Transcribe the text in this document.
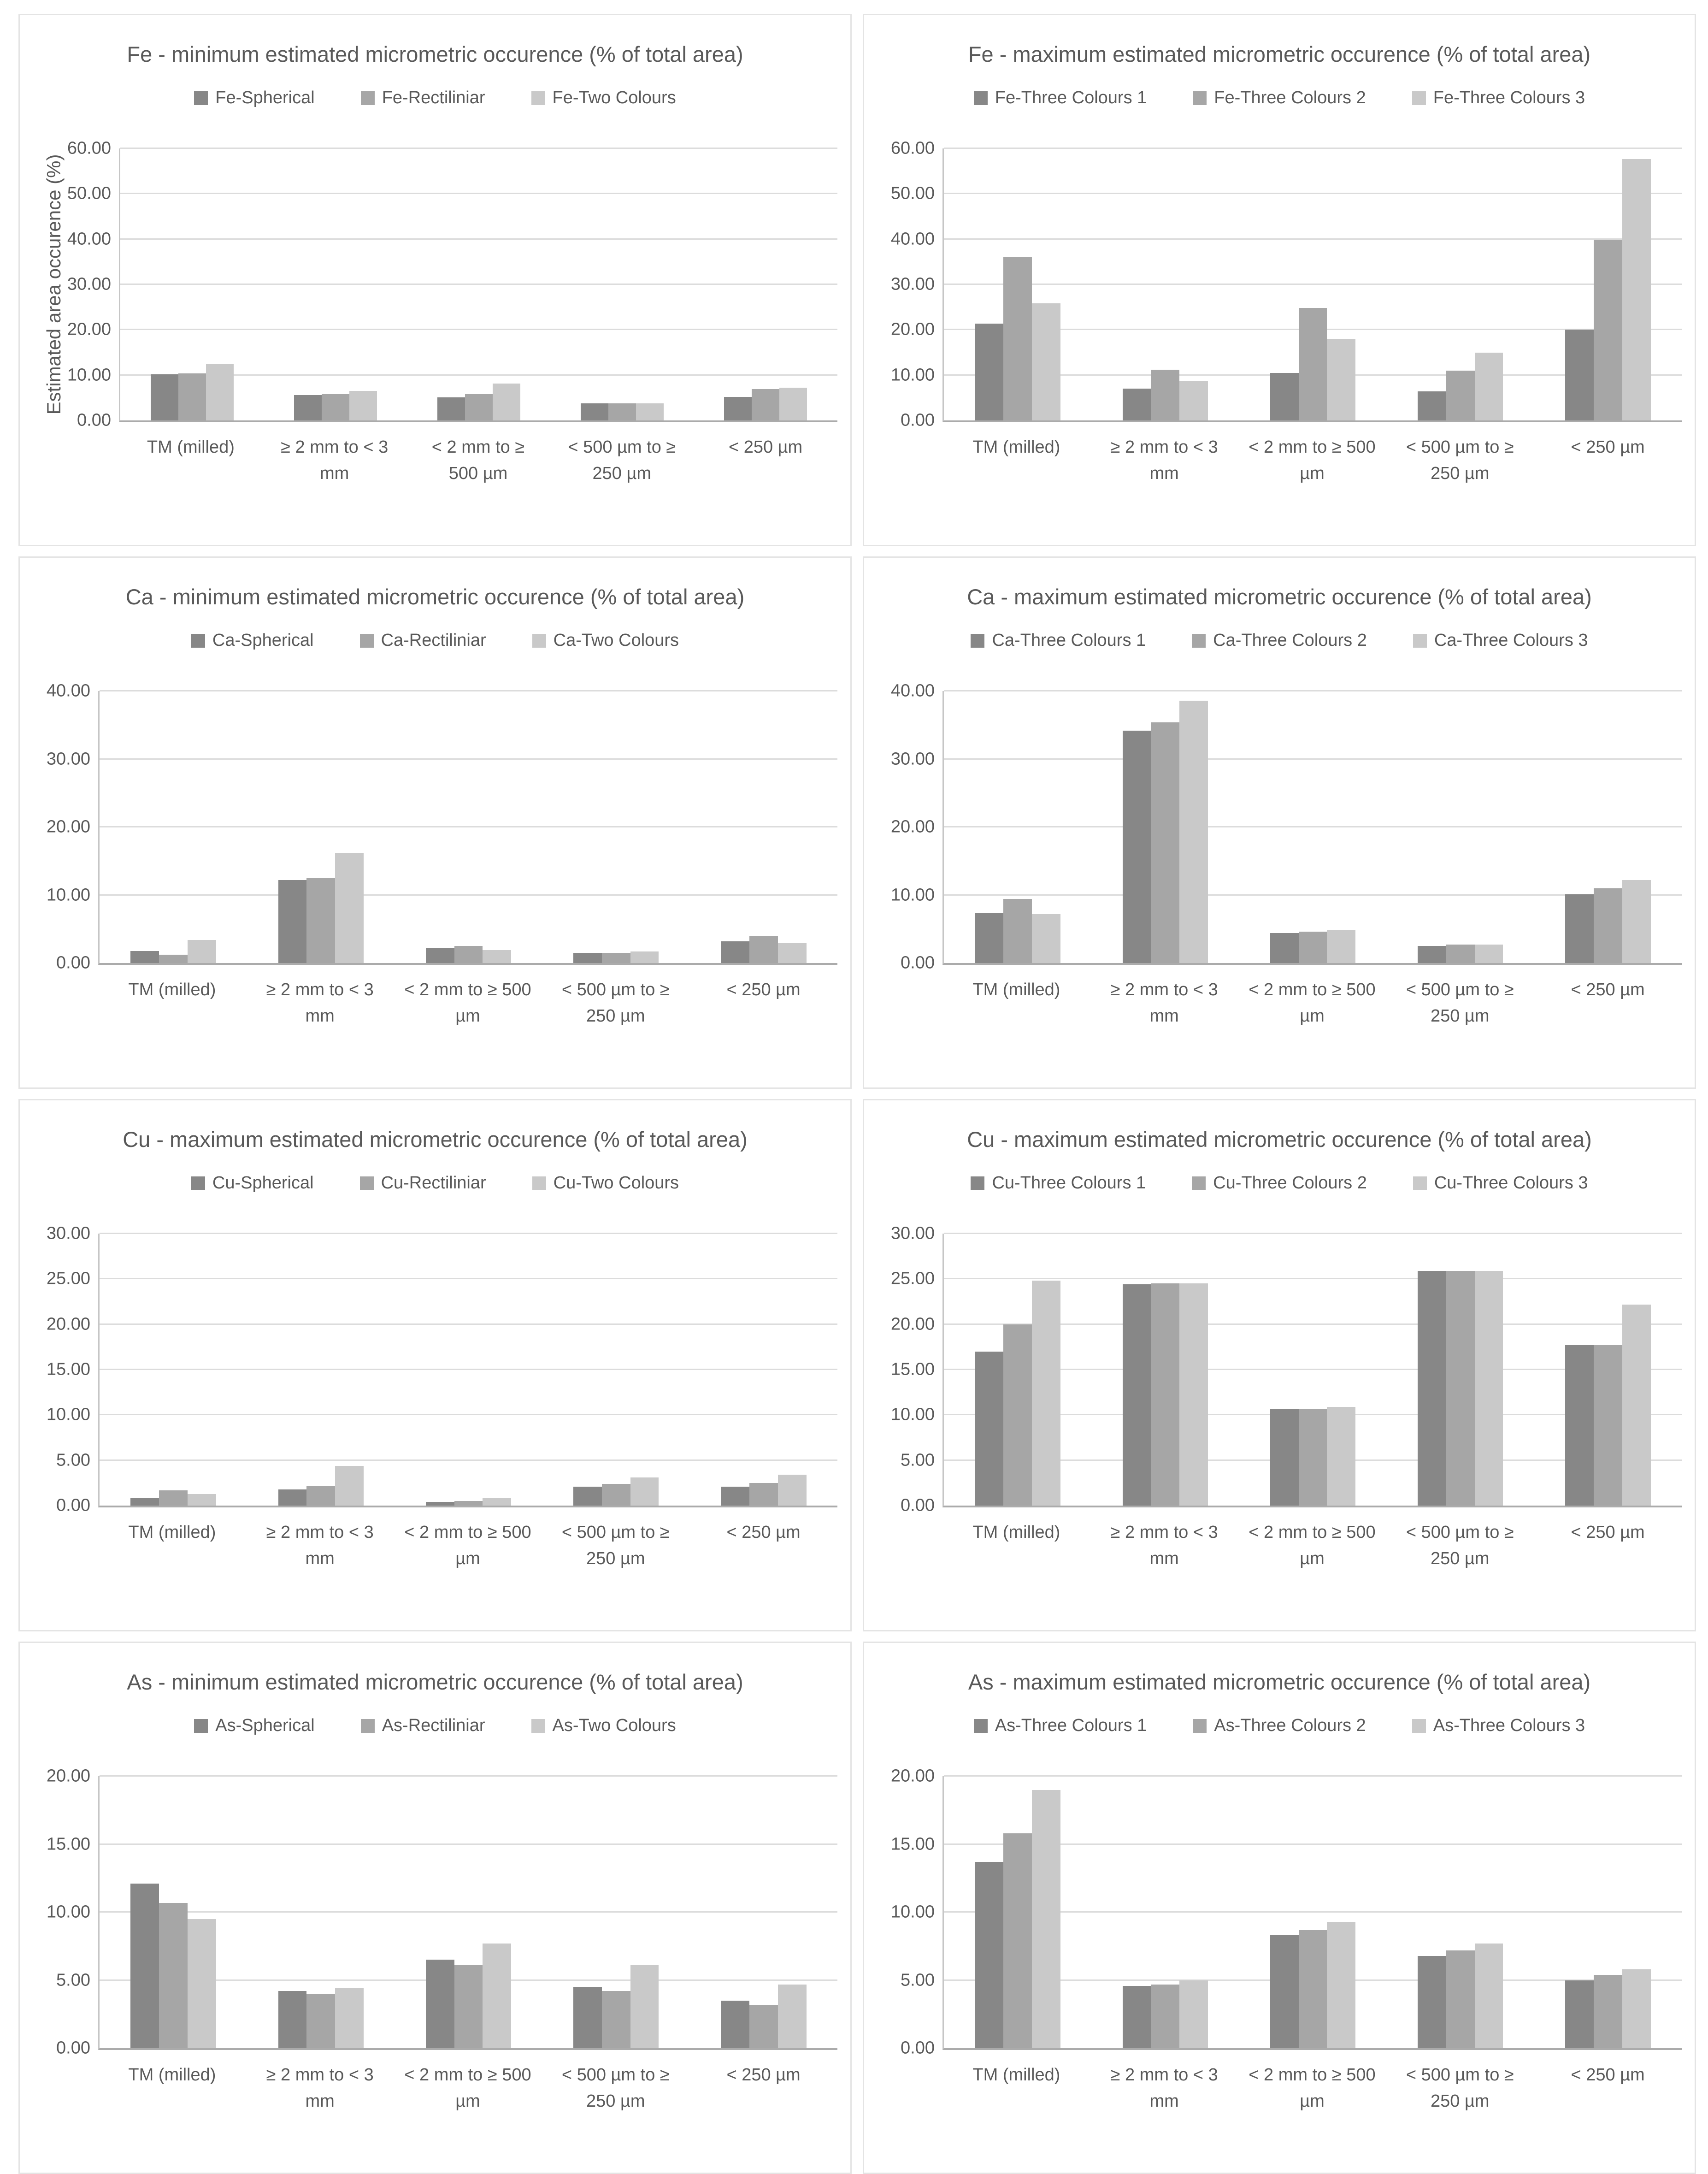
Fe - minimum estimated micrometric occurence (% of total area)
Fe-Spherical	Fe-Rectiliniar	Fe-Two Colours
Estimated area occurence (%)
0.00
10.00
20.00
30.00
40.00
50.00
60.00
TM (milled)	≥ 2 mm to < 3
mm
< 2 mm to ≥
500 µm
< 500 µm to ≥
250 µm
< 250 µm
Fe - maximum estimated micrometric occurence (% of total area)
Fe-Three Colours 1	Fe-Three Colours 2	Fe-Three Colours 3
0.00
10.00
20.00
30.00
40.00
50.00
60.00
TM (milled)	≥ 2 mm to < 3
mm
< 2 mm to ≥ 500
µm
< 500 µm to ≥
250 µm
< 250 µm
Ca - minimum estimated micrometric occurence (% of total area)
Ca-Spherical	Ca-Rectiliniar	Ca-Two Colours
0.00
10.00
20.00
30.00
40.00
TM (milled)	≥ 2 mm to < 3
mm
< 2 mm to ≥ 500
µm
< 500 µm to ≥
250 µm
< 250 µm
Ca - maximum estimated micrometric occurence (% of total area)
Ca-Three Colours 1	Ca-Three Colours 2	Ca-Three Colours 3
0.00
10.00
20.00
30.00
40.00
TM (milled)	≥ 2 mm to < 3
mm
< 2 mm to ≥ 500
µm
< 500 µm to ≥
250 µm
< 250 µm
Cu - maximum estimated micrometric occurence (% of total area)
Cu-Spherical	Cu-Rectiliniar	Cu-Two Colours
0.00
5.00
10.00
15.00
20.00
25.00
30.00
TM (milled)	≥ 2 mm to < 3
mm
< 2 mm to ≥ 500
µm
< 500 µm to ≥
250 µm
< 250 µm
Cu - maximum estimated micrometric occurence (% of total area)
Cu-Three Colours 1	Cu-Three Colours 2	Cu-Three Colours 3
0.00
5.00
10.00
15.00
20.00
25.00
30.00
TM (milled)	≥ 2 mm to < 3
mm
< 2 mm to ≥ 500
µm
< 500 µm to ≥
250 µm
< 250 µm
As - minimum estimated micrometric occurence (% of total area)
As-Spherical	As-Rectiliniar	As-Two Colours
0.00
5.00
10.00
15.00
20.00
TM (milled)	≥ 2 mm to < 3
mm
< 2 mm to ≥ 500
µm
< 500 µm to ≥
250 µm
< 250 µm
As - maximum estimated micrometric occurence (% of total area)
As-Three Colours 1	As-Three Colours 2	As-Three Colours 3
0.00
5.00
10.00
15.00
20.00
TM (milled)	≥ 2 mm to < 3
mm
< 2 mm to ≥ 500
µm
< 500 µm to ≥
250 µm
< 250 µm
